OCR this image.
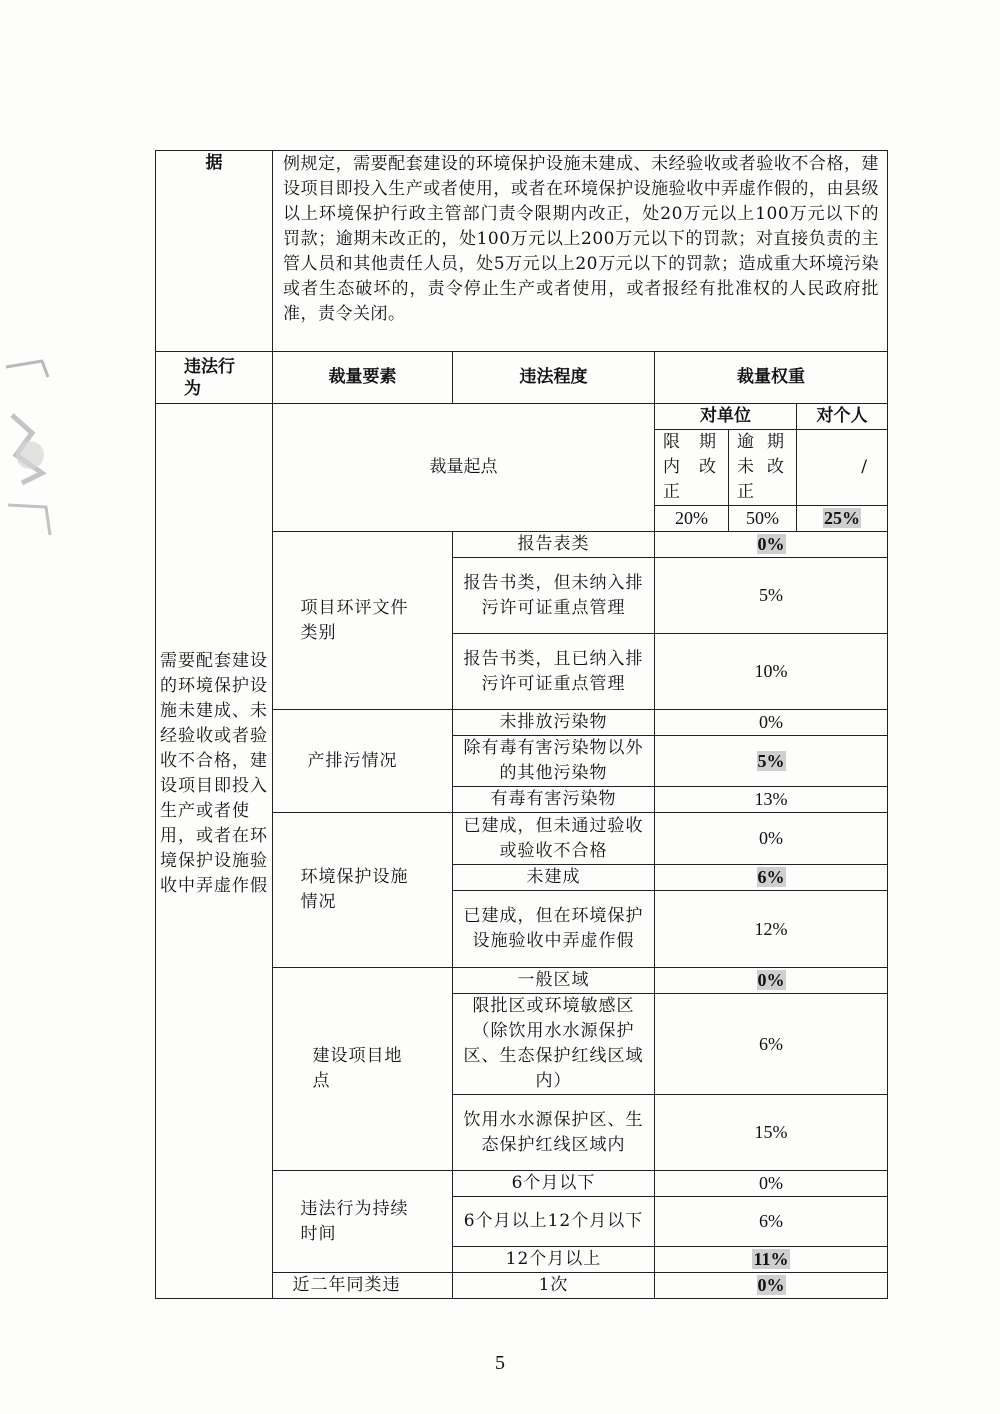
据	例规定，需要配套建设的环境保护设施未建成、未经验收或者验收不合格，建设项目即投入生产或者使用，或者在环境保护设施验收中弄虚作假的，由县级以上环境保护行政主管部门责令限期内改正，处20万元以上100万元以下的罚款；逾期未改正的，处100万元以上200万元以下的罚款；对直接负责的主管人员和其他责任人员，处5万元以上20万元以下的罚款；造成重大环境污染或者生态破坏的，责令停止生产或者使用，或者报经有批准权的人民政府批准，责令关闭。				
违法行为	裁量要素	违法程度	裁量权重		
需要配套建设的环境保护设施未建成、未经验收或者验收不合格，建设项目即投入生产或者使用，或者在环境保护设施验收中弄虚作假	裁量起点		对单位		对个人
			限期内改正	逾期未改正	/
			20%	50%	25%
	项目环评文件类别	报告表类	0%		
		报告书类，但未纳入排污许可证重点管理	5%		
		报告书类，且已纳入排污许可证重点管理	10%		
	产排污情况	未排放污染物	0%		
		除有毒有害污染物以外的其他污染物	5%		
		有毒有害污染物	13%		
	环境保护设施情况	已建成，但未通过验收或验收不合格	0%		
		未建成	6%		
		已建成，但在环境保护设施验收中弄虚作假	12%		
	建设项目地点	一般区域	0%		
		限批区或环境敏感区（除饮用水水源保护区、生态保护红线区域内）	6%		
		饮用水水源保护区、生态保护红线区域内	15%		
	违法行为持续时间	6个月以下	0%		
		6个月以上12个月以下	6%		
		12个月以上	11%		
	近二年同类违	1次	0%		
5
